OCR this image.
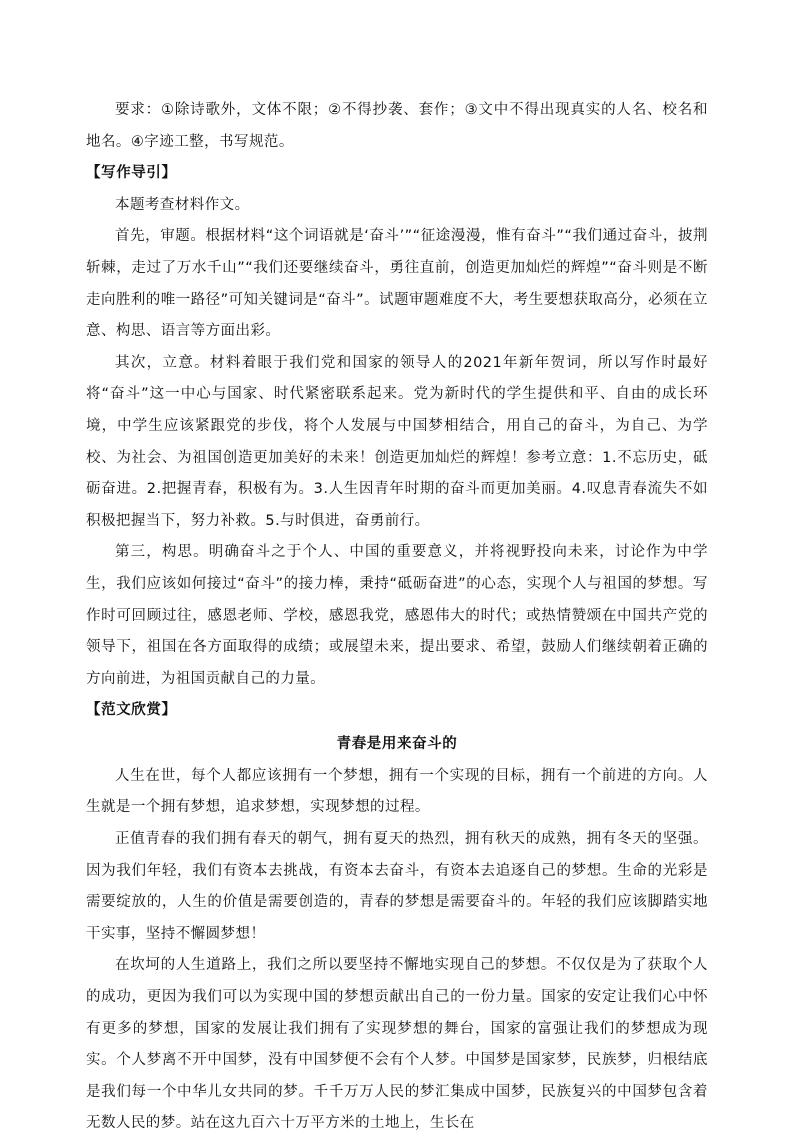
要求：①除诗歌外，文体不限；②不得抄袭、套作；③文中不得出现真实的人名、校名和地名。④字迹工整，书写规范。

【写作导引】

本题考查材料作文。

首先，审题。根据材料“这个词语就是‘奋斗’”“征途漫漫，惟有奋斗”“我们通过奋斗，披荆斩棘，走过了万水千山”“我们还要继续奋斗，勇往直前，创造更加灿烂的辉煌”“奋斗则是不断走向胜利的唯一路径”可知关键词是“奋斗”。试题审题难度不大，考生要想获取高分，必须在立意、构思、语言等方面出彩。

其次，立意。材料着眼于我们党和国家的领导人的2021年新年贺词，所以写作时最好将“奋斗”这一中心与国家、时代紧密联系起来。党为新时代的学生提供和平、自由的成长环境，中学生应该紧跟党的步伐，将个人发展与中国梦相结合，用自己的奋斗，为自己、为学校、为社会、为祖国创造更加美好的未来！创造更加灿烂的辉煌！参考立意：1.不忘历史，砥砺奋进。2.把握青春，积极有为。3.人生因青年时期的奋斗而更加美丽。4.叹息青春流失不如积极把握当下，努力补救。5.与时俱进，奋勇前行。

第三，构思。明确奋斗之于个人、中国的重要意义，并将视野投向未来，讨论作为中学生，我们应该如何接过“奋斗”的接力棒，秉持“砥砺奋进”的心态，实现个人与祖国的梦想。写作时可回顾过往，感恩老师、学校，感恩我党，感恩伟大的时代；或热情赞颂在中国共产党的领导下，祖国在各方面取得的成绩；或展望未来，提出要求、希望，鼓励人们继续朝着正确的方向前进，为祖国贡献自己的力量。

【范文欣赏】

青春是用来奋斗的

人生在世，每个人都应该拥有一个梦想，拥有一个实现的目标，拥有一个前进的方向。人生就是一个拥有梦想，追求梦想，实现梦想的过程。

正值青春的我们拥有春天的朝气，拥有夏天的热烈，拥有秋天的成熟，拥有冬天的坚强。因为我们年轻，我们有资本去挑战，有资本去奋斗，有资本去追逐自己的梦想。生命的光彩是需要绽放的，人生的价值是需要创造的，青春的梦想是需要奋斗的。年轻的我们应该脚踏实地干实事，坚持不懈圆梦想！

在坎坷的人生道路上，我们之所以要坚持不懈地实现自己的梦想。不仅仅是为了获取个人的成功，更因为我们可以为实现中国的梦想贡献出自己的一份力量。国家的安定让我们心中怀有更多的梦想，国家的发展让我们拥有了实现梦想的舞台，国家的富强让我们的梦想成为现实。个人梦离不开中国梦，没有中国梦便不会有个人梦。中国梦是国家梦，民族梦，归根结底是我们每一个中华儿女共同的梦。千千万万人民的梦汇集成中国梦，民族复兴的中国梦包含着无数人民的梦。站在这九百六十万平方米的土地上，生长在
